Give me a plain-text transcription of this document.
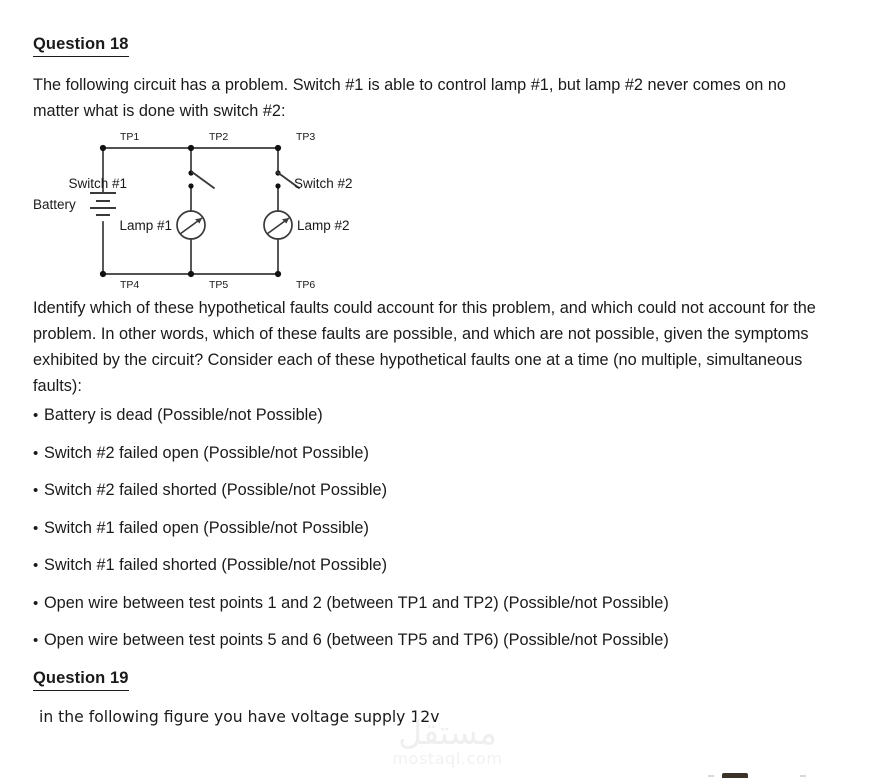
Question 18
The following circuit has a problem. Switch #1 is able to control lamp #1, but lamp #2 never comes on no matter what is done with switch #2:
TP1	TP2	TP3
TP4	TP5	TP6
Battery
Switch #1	Switch #2
Lamp #1	Lamp #2
Identify which of these hypothetical faults could account for this problem, and which could not account for the problem. In other words, which of these faults are possible, and which are not possible, given the symptoms exhibited by the circuit? Consider each of these hypothetical faults one at a time (no multiple, simultaneous faults):
• Battery is dead (Possible/not Possible)
• Switch #2 failed open (Possible/not Possible)
• Switch #2 failed shorted (Possible/not Possible)
• Switch #1 failed open (Possible/not Possible)
• Switch #1 failed shorted (Possible/not Possible)
• Open wire between test points 1 and 2 (between TP1 and TP2) (Possible/not Possible)
• Open wire between test points 5 and 6 (between TP5 and TP6) (Possible/not Possible)
Question 19
in the following figure you have voltage supply 12v
مستقل
mostaql.com
